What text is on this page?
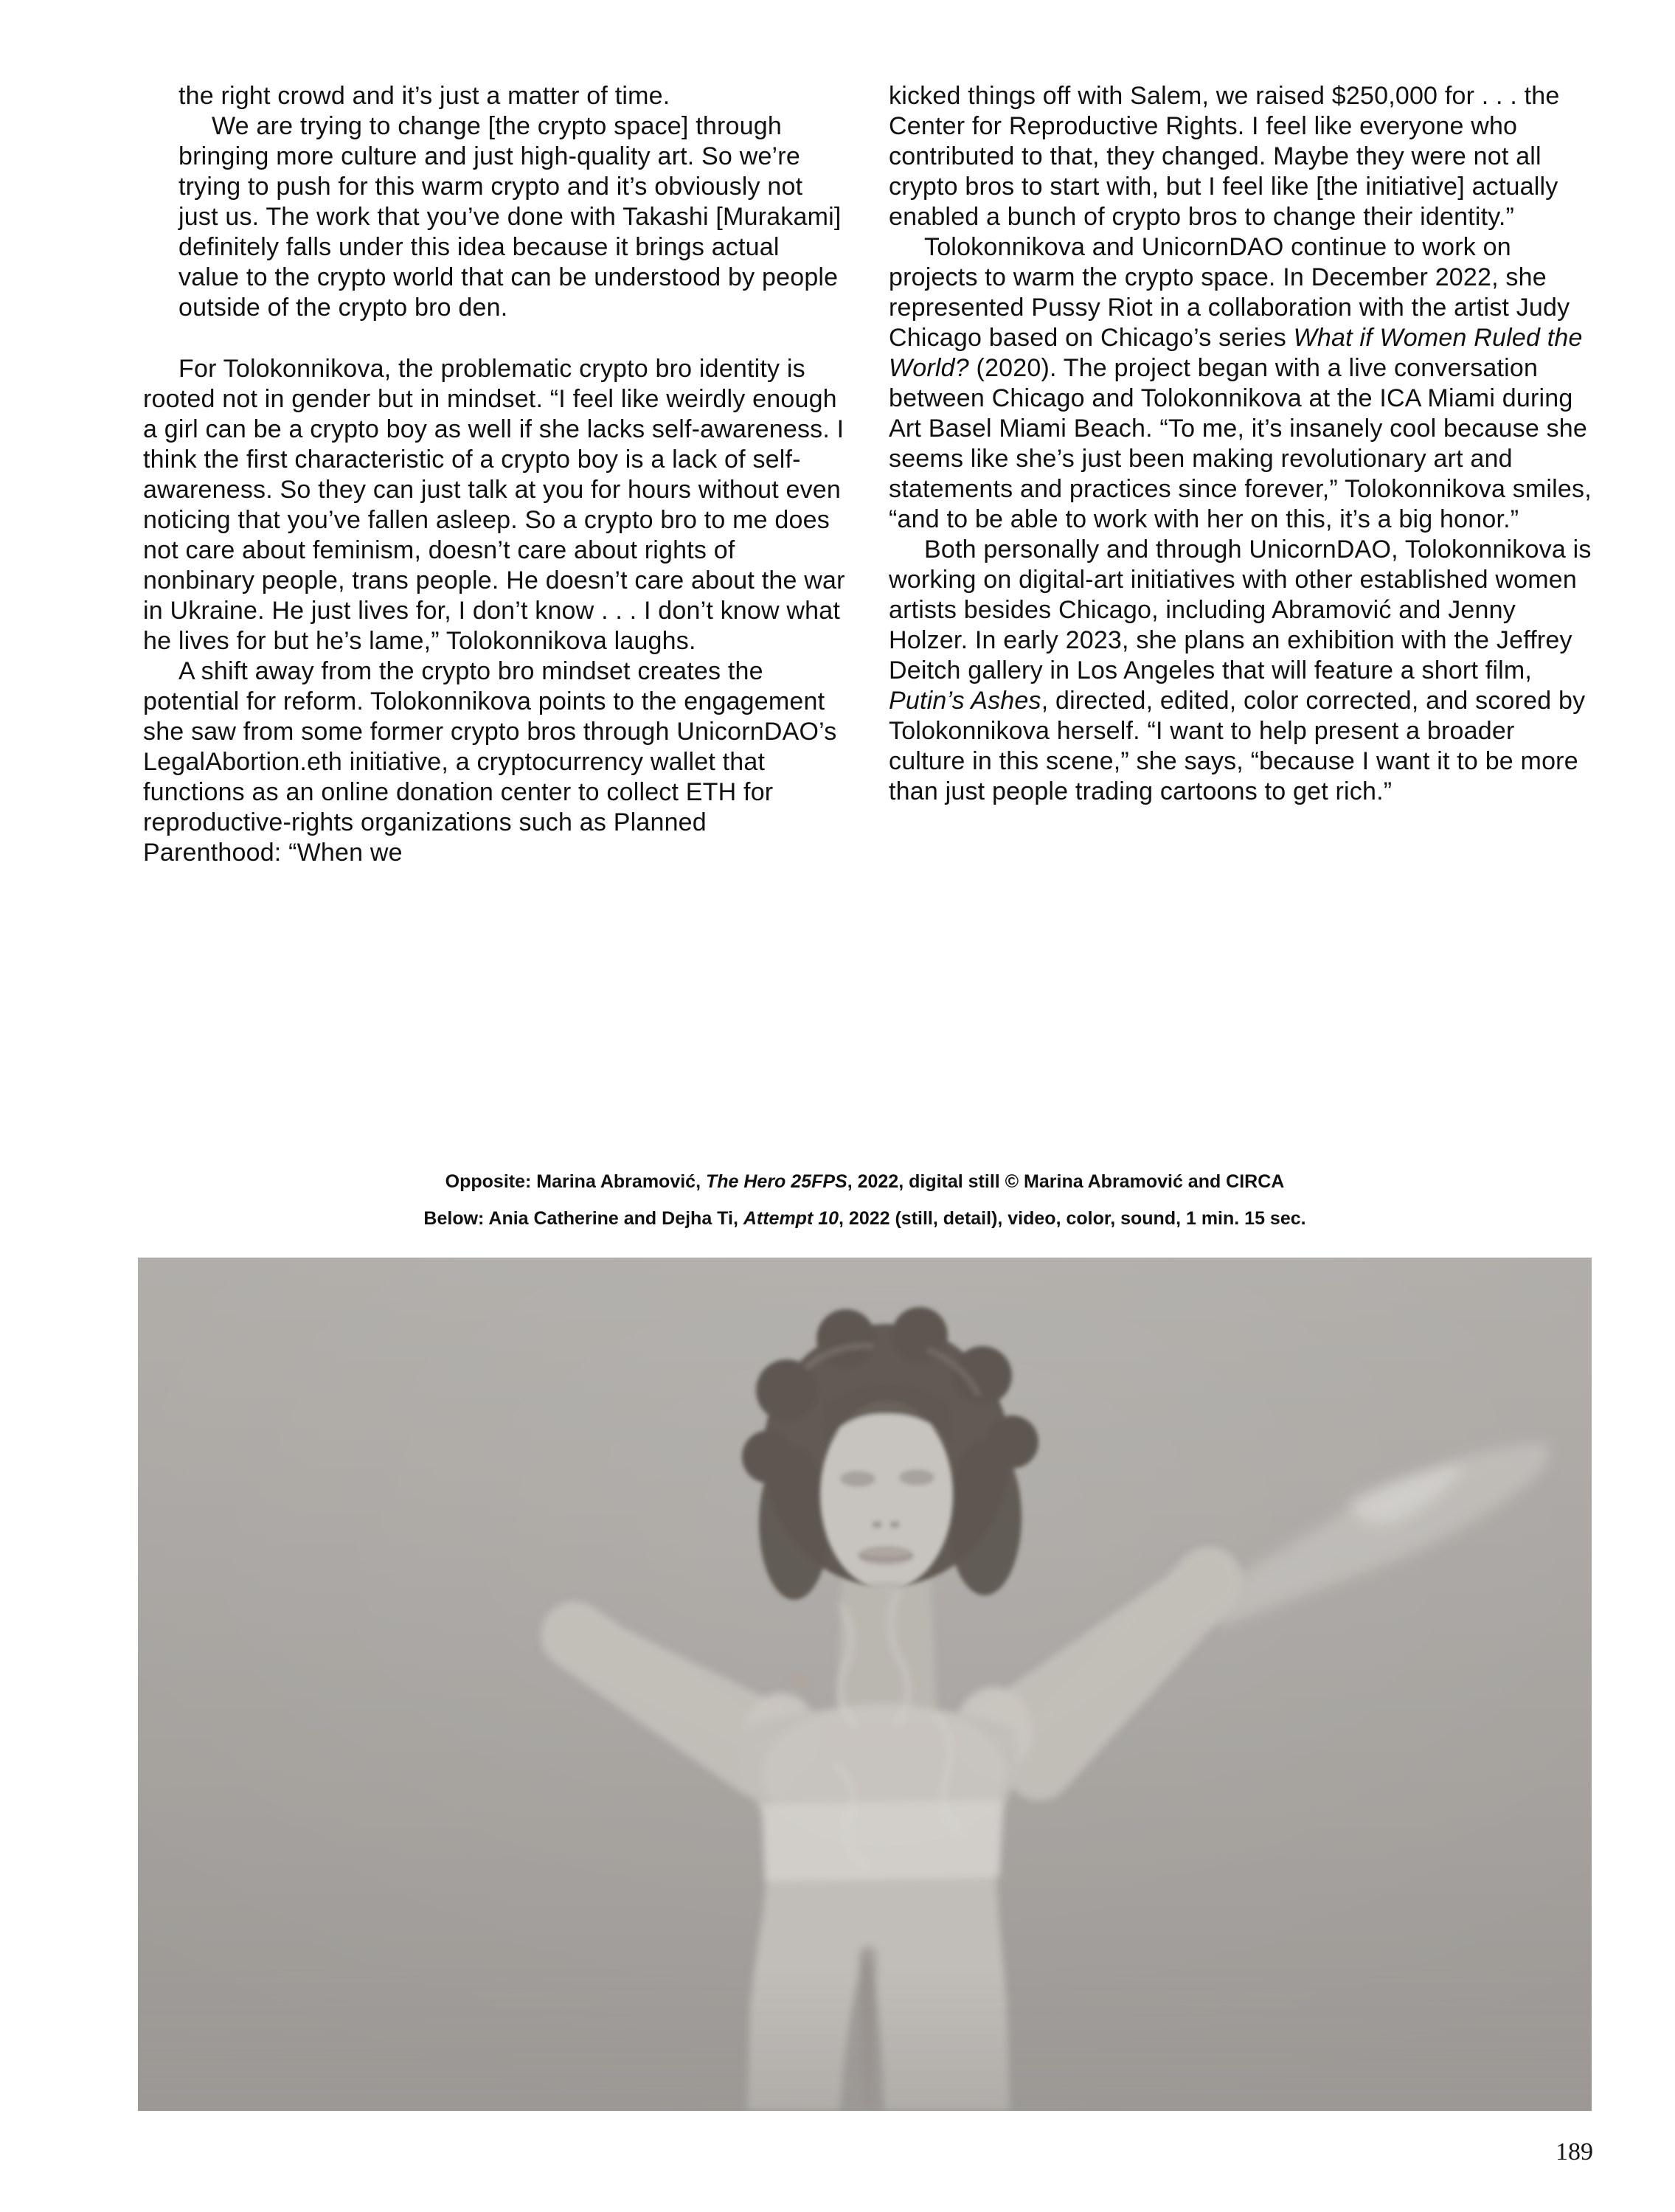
the right crowd and it’s just a matter of time.

We are trying to change [the crypto space] through bringing more culture and just high-quality art. So we’re trying to push for this warm crypto and it’s obviously not just us. The work that you’ve done with Takashi [Murakami] definitely falls under this idea because it brings actual value to the crypto world that can be understood by people outside of the crypto bro den.

For Tolokonnikova, the problematic crypto bro identity is rooted not in gender but in mindset. “I feel like weirdly enough a girl can be a crypto boy as well if she lacks self-awareness. I think the first characteristic of a crypto boy is a lack of self-awareness. So they can just talk at you for hours without even noticing that you’ve fallen asleep. So a crypto bro to me does not care about feminism, doesn’t care about rights of nonbinary people, trans people. He doesn’t care about the war in Ukraine. He just lives for, I don’t know . . . I don’t know what he lives for but he’s lame,” Tolokonnikova laughs.

A shift away from the crypto bro mindset creates the potential for reform. Tolokonnikova points to the engagement she saw from some former crypto bros through UnicornDAO’s LegalAbortion.eth initiative, a cryptocurrency wallet that functions as an online donation center to collect ETH for reproductive-rights organizations such as Planned Parenthood: “When we

kicked things off with Salem, we raised $250,000 for . . . the Center for Reproductive Rights. I feel like everyone who contributed to that, they changed. Maybe they were not all crypto bros to start with, but I feel like [the initiative] actually enabled a bunch of crypto bros to change their identity.”

Tolokonnikova and UnicornDAO continue to work on projects to warm the crypto space. In December 2022, she represented Pussy Riot in a collaboration with the artist Judy Chicago based on Chicago’s series What if Women Ruled the World? (2020). The project began with a live conversation between Chicago and Tolokonnikova at the ICA Miami during Art Basel Miami Beach. “To me, it’s insanely cool because she seems like she’s just been making revolutionary art and statements and practices since forever,” Tolokonnikova smiles, “and to be able to work with her on this, it’s a big honor.”

Both personally and through UnicornDAO, Tolokonnikova is working on digital-art initiatives with other established women artists besides Chicago, including Abramović and Jenny Holzer. In early 2023, she plans an exhibition with the Jeffrey Deitch gallery in Los Angeles that will feature a short film, Putin’s Ashes, directed, edited, color corrected, and scored by Tolokonnikova herself. “I want to help present a broader culture in this scene,” she says, “because I want it to be more than just people trading cartoons to get rich.”

Opposite: Marina Abramović, The Hero 25FPS, 2022, digital still © Marina Abramović and CIRCA
Below: Ania Catherine and Dejha Ti, Attempt 10, 2022 (still, detail), video, color, sound, 1 min. 15 sec.
189
